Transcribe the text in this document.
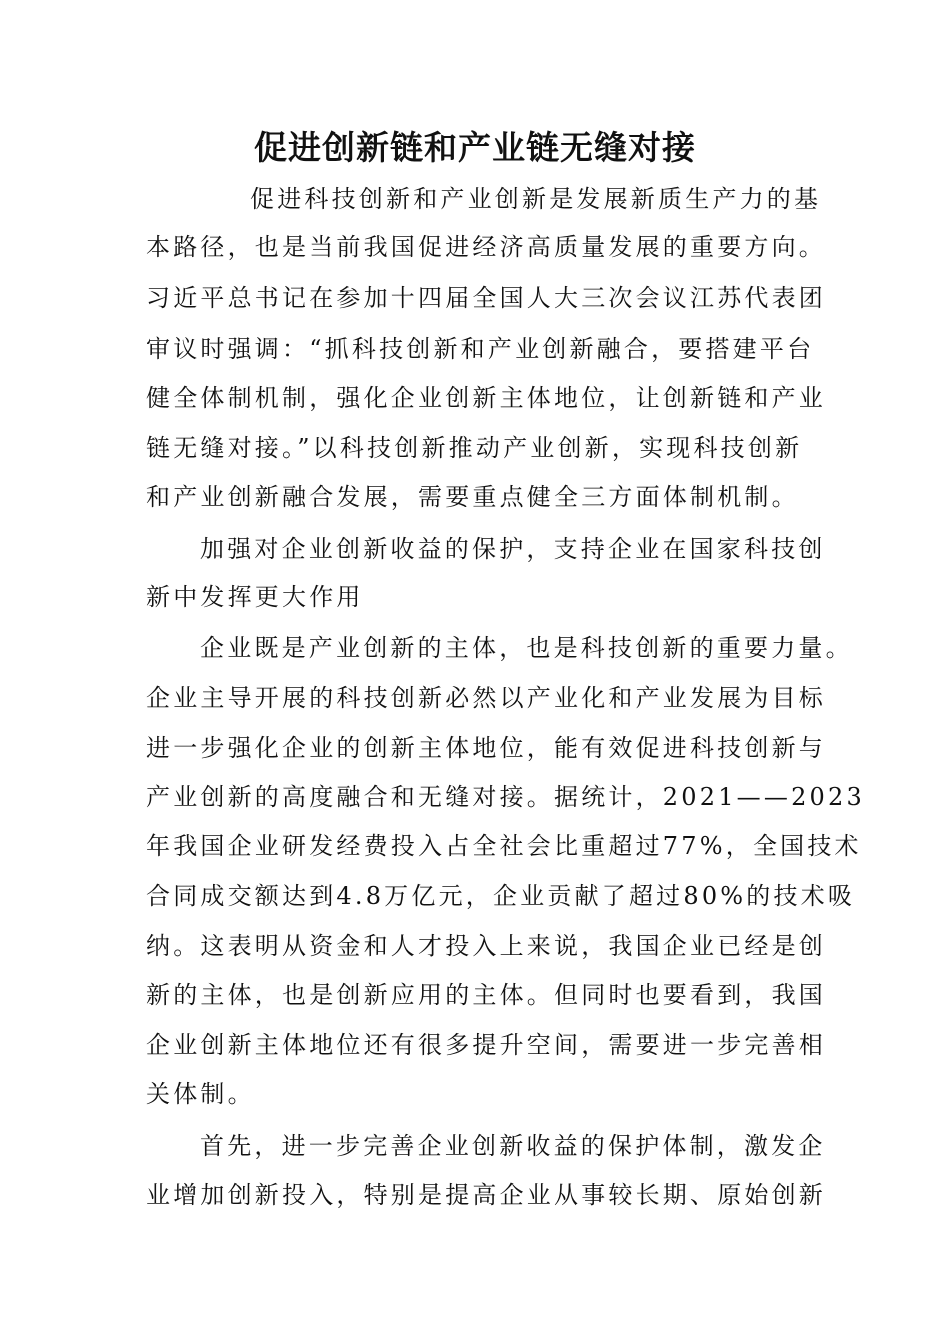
促进创新链和产业链无缝对接
促进科技创新和产业创新是发展新质生产力的基
本路径，也是当前我国促进经济高质量发展的重要方向。
习近平总书记在参加十四届全国人大三次会议江苏代表团
审议时强调：“抓科技创新和产业创新融合，要搭建平台
健全体制机制，强化企业创新主体地位，让创新链和产业
链无缝对接。”以科技创新推动产业创新，实现科技创新
和产业创新融合发展，需要重点健全三方面体制机制。
加强对企业创新收益的保护，支持企业在国家科技创
新中发挥更大作用
企业既是产业创新的主体，也是科技创新的重要力量。
企业主导开展的科技创新必然以产业化和产业发展为目标
进一步强化企业的创新主体地位，能有效促进科技创新与
产业创新的高度融合和无缝对接。据统计，2021——2023
年我国企业研发经费投入占全社会比重超过77%，全国技术
合同成交额达到4.8万亿元，企业贡献了超过80%的技术吸
纳。这表明从资金和人才投入上来说，我国企业已经是创
新的主体，也是创新应用的主体。但同时也要看到，我国
企业创新主体地位还有很多提升空间，需要进一步完善相
关体制。
首先，进一步完善企业创新收益的保护体制，激发企
业增加创新投入，特别是提高企业从事较长期、原始创新
